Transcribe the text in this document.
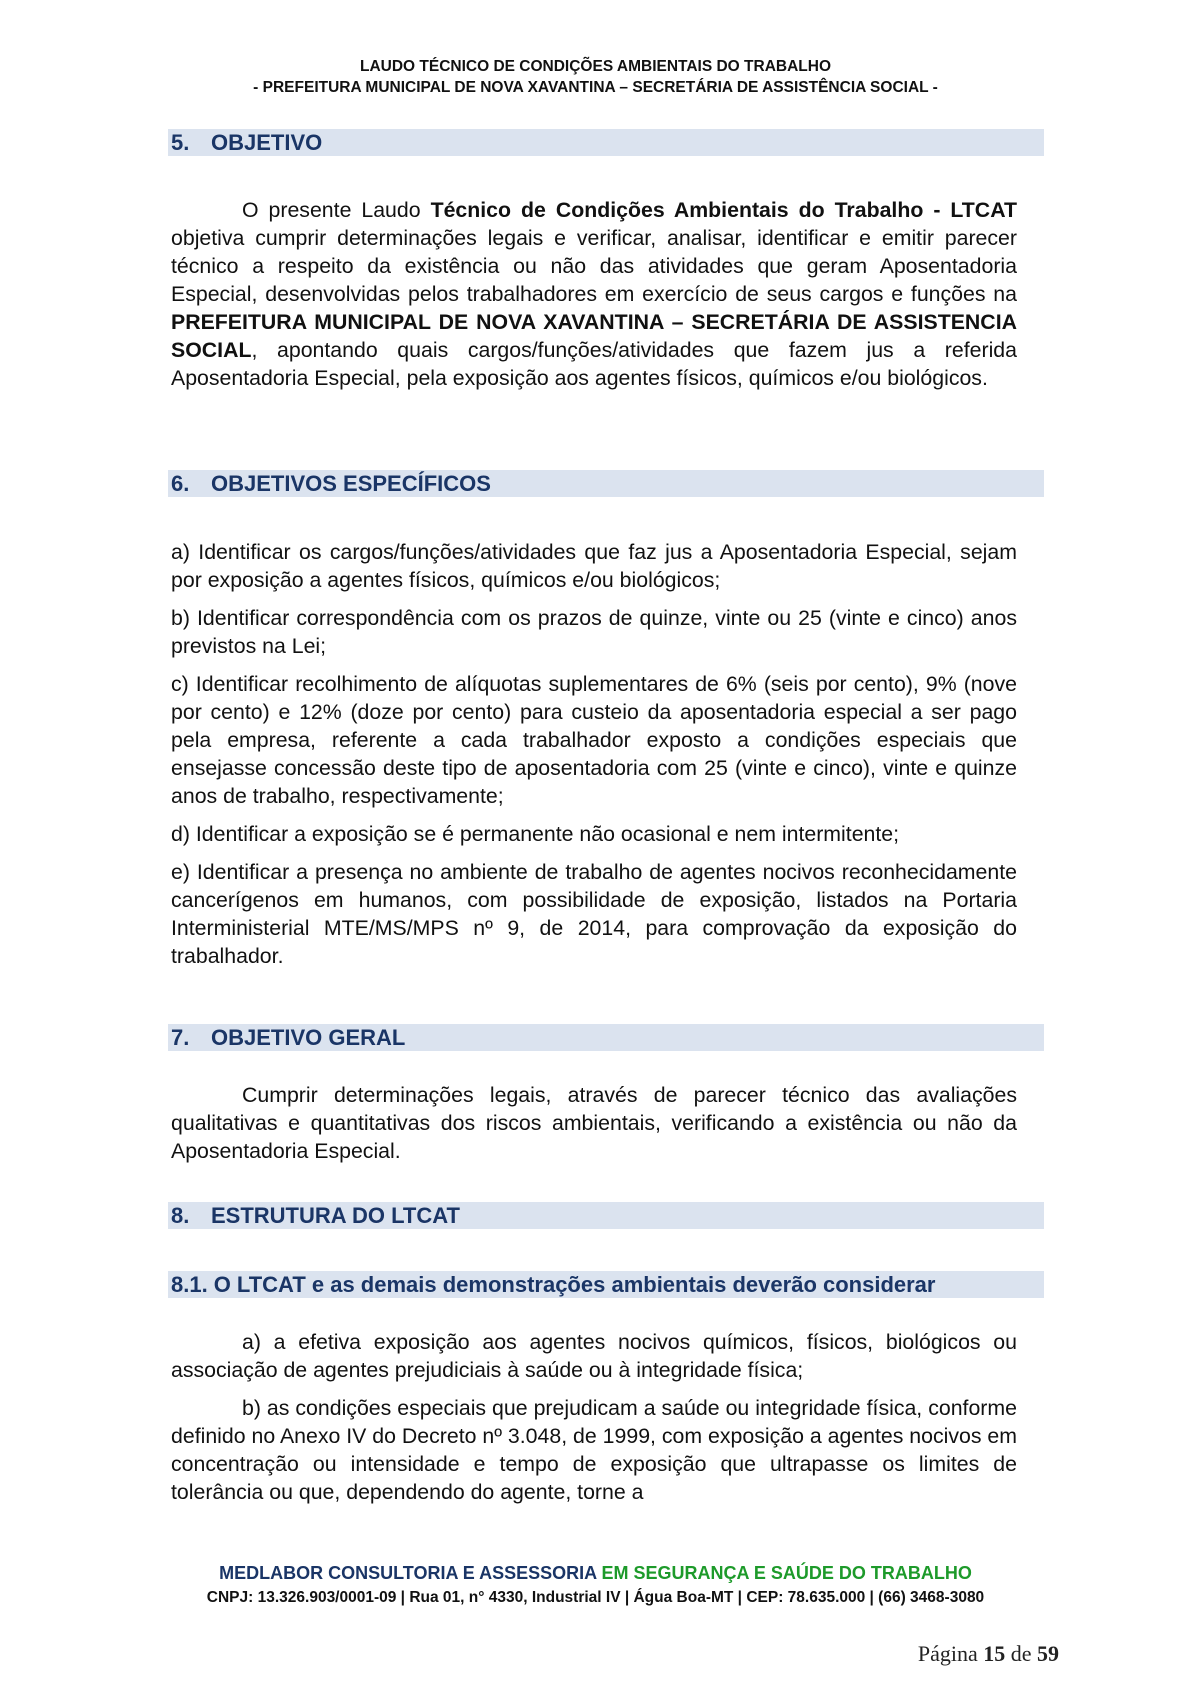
LAUDO TÉCNICO DE CONDIÇÕES AMBIENTAIS DO TRABALHO
- PREFEITURA MUNICIPAL DE NOVA XAVANTINA – SECRETÁRIA DE ASSISTÊNCIA SOCIAL -
5. OBJETIVO

O presente Laudo Técnico de Condições Ambientais do Trabalho - LTCAT objetiva cumprir determinações legais e verificar, analisar, identificar e emitir parecer técnico a respeito da existência ou não das atividades que geram Aposentadoria Especial, desenvolvidas pelos trabalhadores em exercício de seus cargos e funções na PREFEITURA MUNICIPAL DE NOVA XAVANTINA – SECRETÁRIA DE ASSISTENCIA SOCIAL, apontando quais cargos/funções/atividades que fazem jus a referida Aposentadoria Especial, pela exposição aos agentes físicos, químicos e/ou biológicos.

6. OBJETIVOS ESPECÍFICOS

a) Identificar os cargos/funções/atividades que faz jus a Aposentadoria Especial, sejam por exposição a agentes físicos, químicos e/ou biológicos;

b) Identificar correspondência com os prazos de quinze, vinte ou 25 (vinte e cinco) anos previstos na Lei;

c) Identificar recolhimento de alíquotas suplementares de 6% (seis por cento), 9% (nove por cento) e 12% (doze por cento) para custeio da aposentadoria especial a ser pago pela empresa, referente a cada trabalhador exposto a condições especiais que ensejasse concessão deste tipo de aposentadoria com 25 (vinte e cinco), vinte e quinze anos de trabalho, respectivamente;

d) Identificar a exposição se é permanente não ocasional e nem intermitente;

e) Identificar a presença no ambiente de trabalho de agentes nocivos reconhecidamente cancerígenos em humanos, com possibilidade de exposição, listados na Portaria Interministerial MTE/MS/MPS nº 9, de 2014, para comprovação da exposição do trabalhador.

7. OBJETIVO GERAL

Cumprir determinações legais, através de parecer técnico das avaliações qualitativas e quantitativas dos riscos ambientais, verificando a existência ou não da Aposentadoria Especial.

8. ESTRUTURA DO LTCAT
8.1. O LTCAT e as demais demonstrações ambientais deverão considerar

a) a efetiva exposição aos agentes nocivos químicos, físicos, biológicos ou associação de agentes prejudiciais à saúde ou à integridade física;

b) as condições especiais que prejudicam a saúde ou integridade física, conforme definido no Anexo IV do Decreto nº 3.048, de 1999, com exposição a agentes nocivos em concentração ou intensidade e tempo de exposição que ultrapasse os limites de tolerância ou que, dependendo do agente, torne a

MEDLABOR CONSULTORIA E ASSESSORIA EM SEGURANÇA E SAÚDE DO TRABALHO
CNPJ: 13.326.903/0001-09 | Rua 01, n° 4330, Industrial IV | Água Boa-MT | CEP: 78.635.000 | (66) 3468-3080
Página 15 de 59
